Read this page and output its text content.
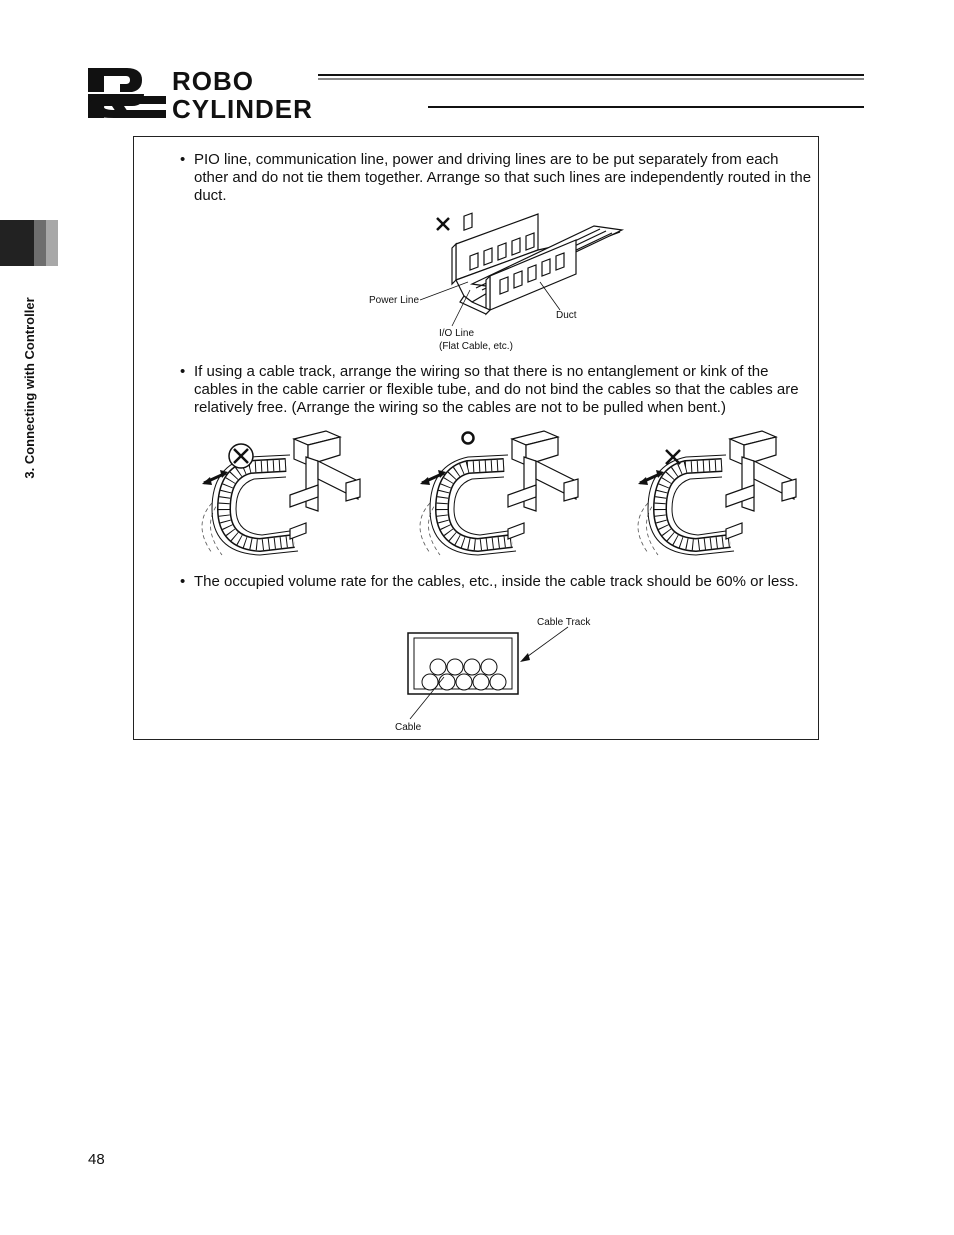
ROBO
CYLINDER
3. Connecting with Controller
• PIO line, communication line, power and driving lines are to be put separately from each other and do not tie them together. Arrange so that such lines are independently routed in the duct.
Power Line
Duct
I/O Line
(Flat Cable, etc.)
• If using a cable track, arrange the wiring so that there is no entanglement or kink of the cables in the cable carrier or flexible tube, and do not bind the cables so that the cables are relatively free. (Arrange the wiring so the cables are not to be pulled when bent.)
• The occupied volume rate for the cables, etc., inside the cable track should be 60% or less.
Cable Track
Cable
48
